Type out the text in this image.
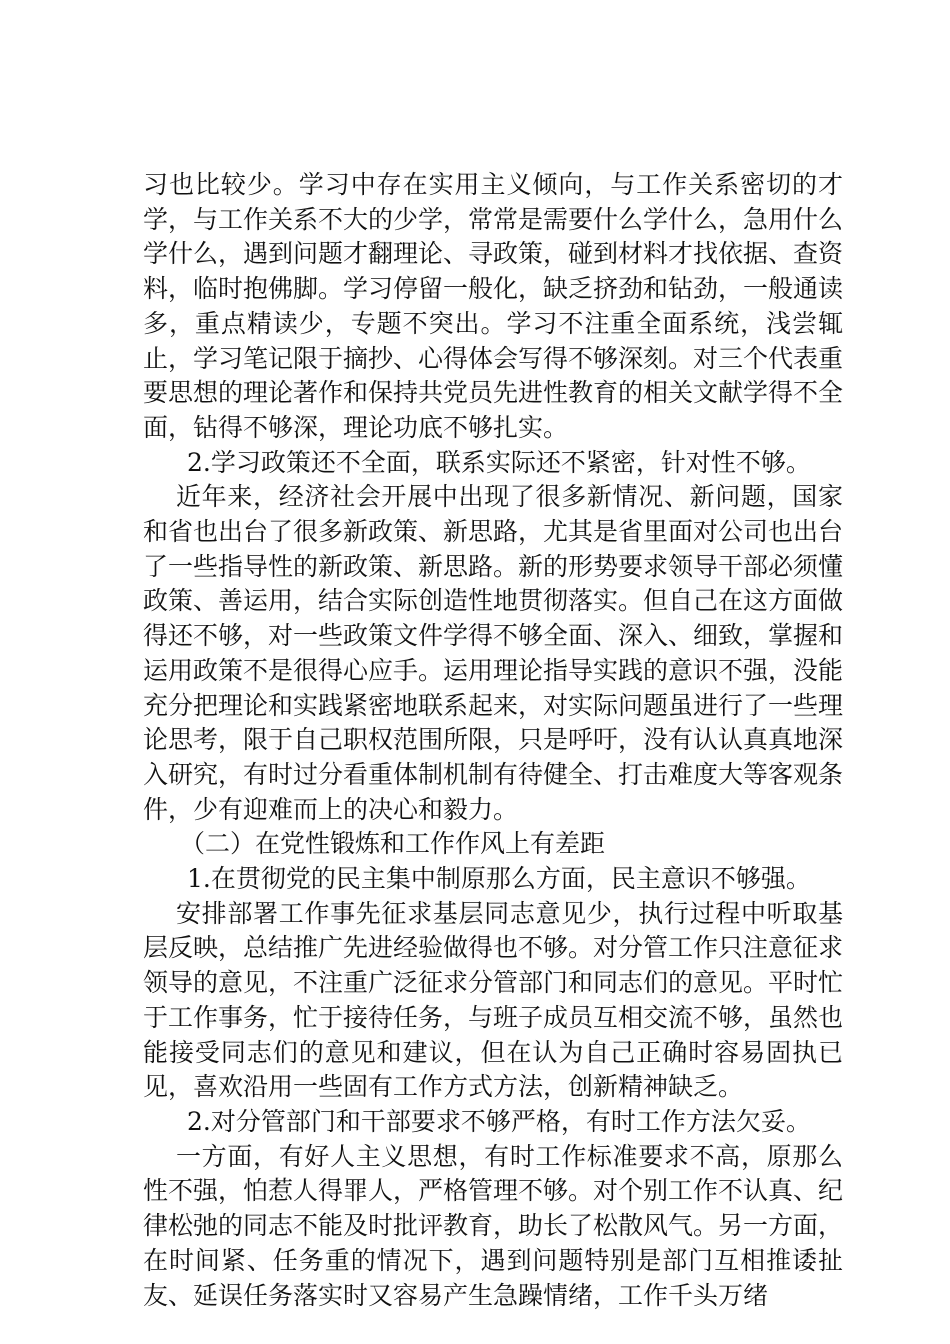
习也比较少。学习中存在实用主义倾向，与工作关系密切的才学，与工作关系不大的少学，常常是需要什么学什么，急用什么学什么，遇到问题才翻理论、寻政策，碰到材料才找依据、查资料，临时抱佛脚。学习停留一般化，缺乏挤劲和钻劲，一般通读多，重点精读少，专题不突出。学习不注重全面系统，浅尝辄止，学习笔记限于摘抄、心得体会写得不够深刻。对三个代表重要思想的理论著作和保持共党员先进性教育的相关文献学得不全面，钻得不够深，理论功底不够扎实。

2.学习政策还不全面，联系实际还不紧密，针对性不够。

近年来，经济社会开展中出现了很多新情况、新问题，国家和省也出台了很多新政策、新思路，尤其是省里面对公司也出台了一些指导性的新政策、新思路。新的形势要求领导干部必须懂政策、善运用，结合实际创造性地贯彻落实。但自己在这方面做得还不够，对一些政策文件学得不够全面、深入、细致，掌握和运用政策不是很得心应手。运用理论指导实践的意识不强，没能充分把理论和实践紧密地联系起来，对实际问题虽进行了一些理论思考，限于自己职权范围所限，只是呼吁，没有认认真真地深入研究，有时过分看重体制机制有待健全、打击难度大等客观条件，少有迎难而上的决心和毅力。

（二）在党性锻炼和工作作风上有差距

1.在贯彻党的民主集中制原那么方面，民主意识不够强。

安排部署工作事先征求基层同志意见少，执行过程中听取基层反映，总结推广先进经验做得也不够。对分管工作只注意征求领导的意见，不注重广泛征求分管部门和同志们的意见。平时忙于工作事务，忙于接待任务，与班子成员互相交流不够，虽然也能接受同志们的意见和建议，但在认为自己正确时容易固执已见，喜欢沿用一些固有工作方式方法，创新精神缺乏。

2.对分管部门和干部要求不够严格，有时工作方法欠妥。

一方面，有好人主义思想，有时工作标准要求不高，原那么性不强，怕惹人得罪人，严格管理不够。对个别工作不认真、纪律松弛的同志不能及时批评教育，助长了松散风气。另一方面，在时间紧、任务重的情况下，遇到问题特别是部门互相推诿扯友、延误任务落实时又容易产生急躁情绪，工作千头万绪
